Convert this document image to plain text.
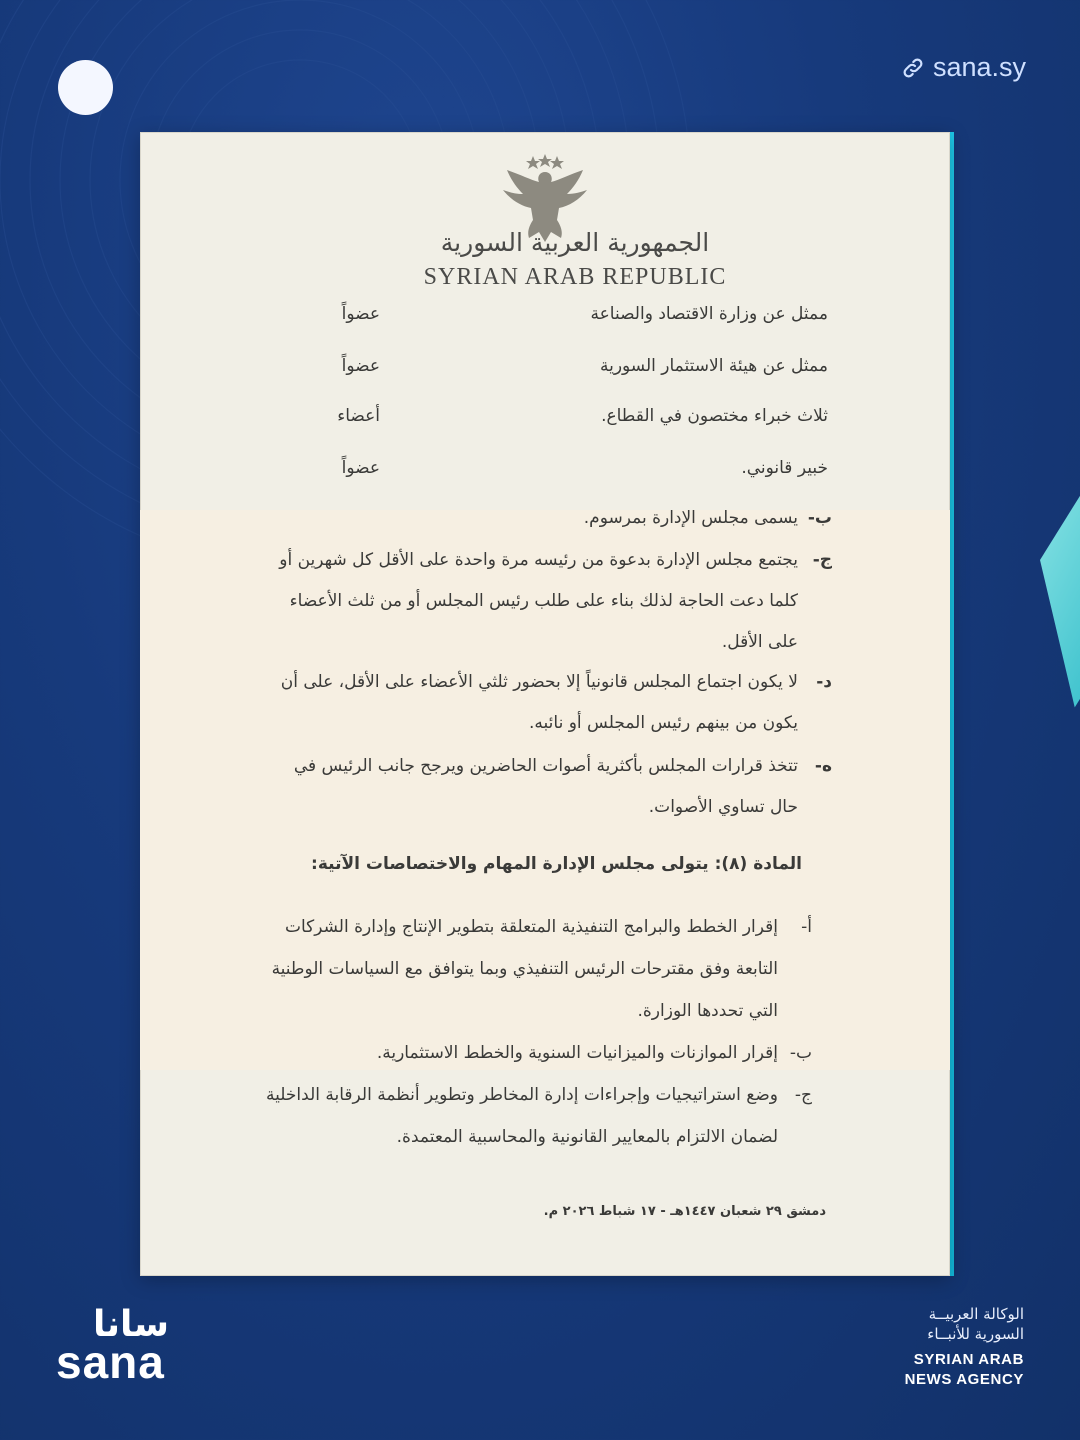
sana.sy
الجمهورية العربية السورية
SYRIAN ARAB REPUBLIC
ممثل عن وزارة الاقتصاد والصناعة
عضواً
ممثل عن هيئة الاستثمار السورية
عضواً
ثلاث خبراء مختصون في القطاع.
أعضاء
خبير قانوني.
عضواً
ب-
يسمى مجلس الإدارة بمرسوم.
ج-
يجتمع مجلس الإدارة بدعوة من رئيسه مرة واحدة على الأقل كل شهرين أو كلما دعت الحاجة لذلك بناء على طلب رئيس المجلس أو من ثلث الأعضاء على الأقل.
د-
لا يكون اجتماع المجلس قانونياً إلا بحضور ثلثي الأعضاء على الأقل، على أن يكون من بينهم رئيس المجلس أو نائبه.
ه-
تتخذ قرارات المجلس بأكثرية أصوات الحاضرين ويرجح جانب الرئيس في حال تساوي الأصوات.
المادة (٨): يتولى مجلس الإدارة المهام والاختصاصات الآتية:
أ-
إقرار الخطط والبرامج التنفيذية المتعلقة بتطوير الإنتاج وإدارة الشركات التابعة وفق مقترحات الرئيس التنفيذي وبما يتوافق مع السياسات الوطنية التي تحددها الوزارة.
ب-
إقرار الموازنات والميزانيات السنوية والخطط الاستثمارية.
ج-
وضع استراتيجيات وإجراءات إدارة المخاطر وتطوير أنظمة الرقابة الداخلية لضمان الالتزام بالمعايير القانونية والمحاسبية المعتمدة.
دمشق ٢٩ شعبان ١٤٤٧هـ - ١٧ شباط ٢٠٢٦ م.
سانا
sana
الوكالة العربيــة
السورية للأنبــاء
SYRIAN ARAB
NEWS AGENCY
